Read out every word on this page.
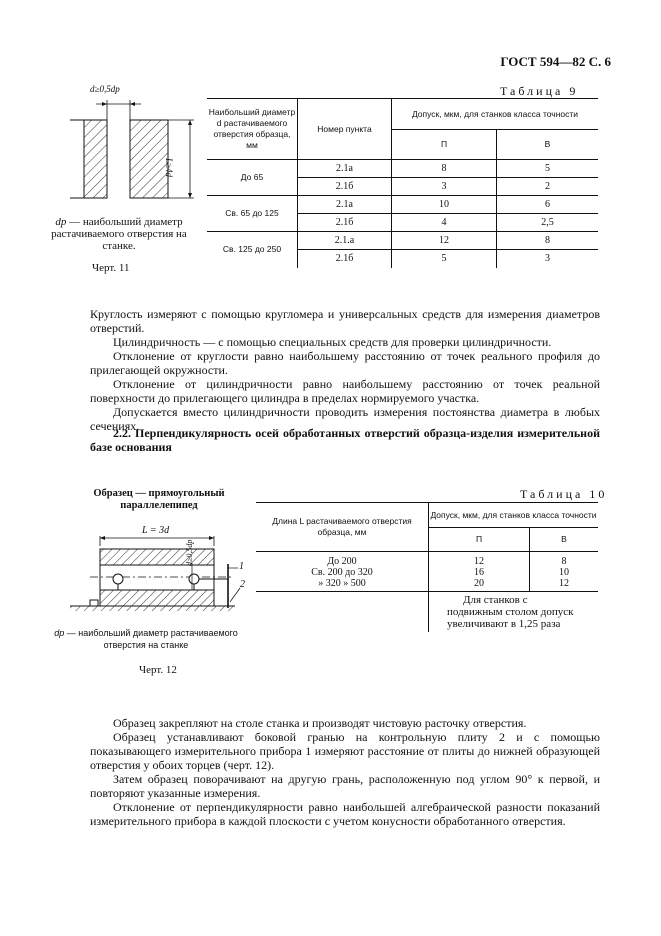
ГОСТ 594—82 С. 6
d≥0,5dp
L≥4d
dp — наибольший диаметр растачиваемого отверстия на станке.
Черт. 11
Таблица 9
Наибольший диаметр d растачиваемого отверстия образца, мм	Номер пункта	Допуск, мкм, для станков класса точности	
		П	В
До 65	2.1а	8	5
	2.1б	3	2
Св. 65 до 125	2.1а	10	6
	2.1б	4	2,5
Св. 125 до 250	2.1.а	12	8
	2.1б	5	3

Круглость измеряют с помощью кругломера и универсальных средств для измерения диаметров отверстий.

Цилиндричность — с помощью специальных средств для проверки цилиндричности.

Отклонение от круглости равно наибольшему расстоянию от точек реального профиля до прилегающей окружности.

Отклонение от цилиндричности равно наибольшему расстоянию от точек реальной поверхности до прилегающего цилиндра в пределах нормируемого участка.

Допускается вместо цилиндричности проводить измерения постоянства диаметра в любых сечениях.

2.2. Перпендикулярность осей обработанных отверстий образца-изделия измерительной базе основания
Образец — прямоугольный параллелепипед
L = 3d
d≥0,5dp
1
2
dp — наибольший диаметр растачиваемого отверстия на станке
Черт. 12
Таблица 10
Длина L растачиваемого отверстия образца, мм	Допуск, мкм, для станков класса точности	
	П	В
До 200	12	8
Св. 200 до 320	16	10
» 320 » 500	20	12
	Для станков с подвижным столом допуск увеличивают в 1,25 раза	

Образец закрепляют на столе станка и производят чистовую расточку отверстия.

Образец устанавливают боковой гранью на контрольную плиту 2 и с помощью показывающего измерительного прибора 1 измеряют расстояние от плиты до нижней образующей отверстия у обоих торцев (черт. 12).

Затем образец поворачивают на другую грань, расположенную под углом 90° к первой, и повторяют указанные измерения.

Отклонение от перпендикулярности равно наибольшей алгебраической разности показаний измерительного прибора в каждой плоскости с учетом конусности обработанного отверстия.
